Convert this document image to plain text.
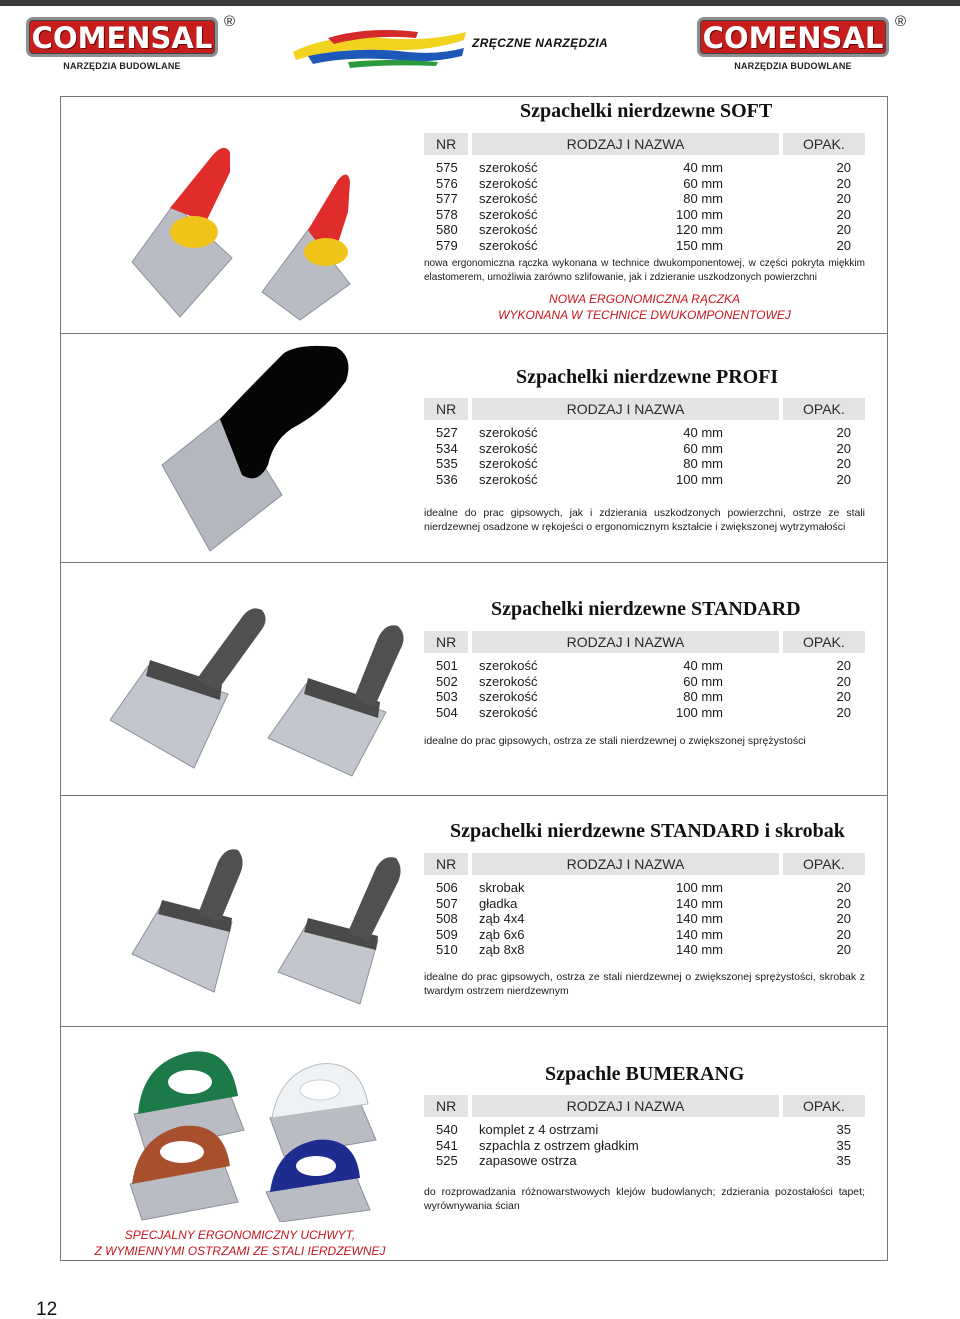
COMENSAL ®
NARZĘDZIA BUDOWLANE
ZRĘCZNE NARZĘDZIA	COMENSAL ®
NARZĘDZIA BUDOWLANE
Szpachelki nierdzewne SOFT
NR	RODZAJ I NAZWA	OPAK.
575 szerokość	40 mm	20
576 szerokość	60 mm	20
577 szerokość	80 mm	20
578 szerokość	100 mm	20
580 szerokość	120 mm	20
579 szerokość	150 mm	20
nowa ergonomiczna rączka wykonana w technice dwukomponentowej, w części pokryta miękkim elastomerem, umożliwia zarówno szlifowanie, jak i zdzieranie uszkodzonych powierzchni
NOWA ERGONOMICZNA RĄCZKA
WYKONANA W TECHNICE DWUKOMPONENTOWEJ
Szpachelki nierdzewne PROFI
NR	RODZAJ I NAZWA	OPAK.
527 szerokość	40 mm	20
534 szerokość	60 mm	20
535 szerokość	80 mm	20
536 szerokość	100 mm	20
idealne do prac gipsowych, jak i zdzierania uszkodzonych powierzchni, ostrze ze stali nierdzewnej osadzone w rękojeści o ergonomicznym kształcie i zwiększonej wytrzymałości
Szpachelki nierdzewne STANDARD
NR	RODZAJ I NAZWA	OPAK.
501 szerokość	40 mm	20
502 szerokość	60 mm	20
503 szerokość	80 mm	20
504 szerokość	100 mm	20
idealne do prac gipsowych, ostrza ze stali nierdzewnej o zwiększonej sprężystości
Szpachelki nierdzewne STANDARD i skrobak
NR	RODZAJ I NAZWA	OPAK.
506 skrobak	100 mm	20
507 gładka	140 mm	20
508 ząb 4x4	140 mm	20
509 ząb 6x6	140 mm	20
510 ząb 8x8	140 mm	20
idealne do prac gipsowych, ostrza ze stali nierdzewnej o zwiększonej sprężystości, skrobak z twardym ostrzem nierdzewnym
Szpachle BUMERANG
NR	RODZAJ I NAZWA	OPAK.
540 komplet z 4 ostrzami	35
541 szpachla z ostrzem gładkim	35
525 zapasowe ostrza	35
do rozprowadzania różnowarstwowych klejów budowlanych; zdzierania pozostałości tapet; wyrównywania ścian
SPECJALNY ERGONOMICZNY UCHWYT,
Z WYMIENNYMI OSTRZAMI ZE STALI IERDZEWNEJ
12
